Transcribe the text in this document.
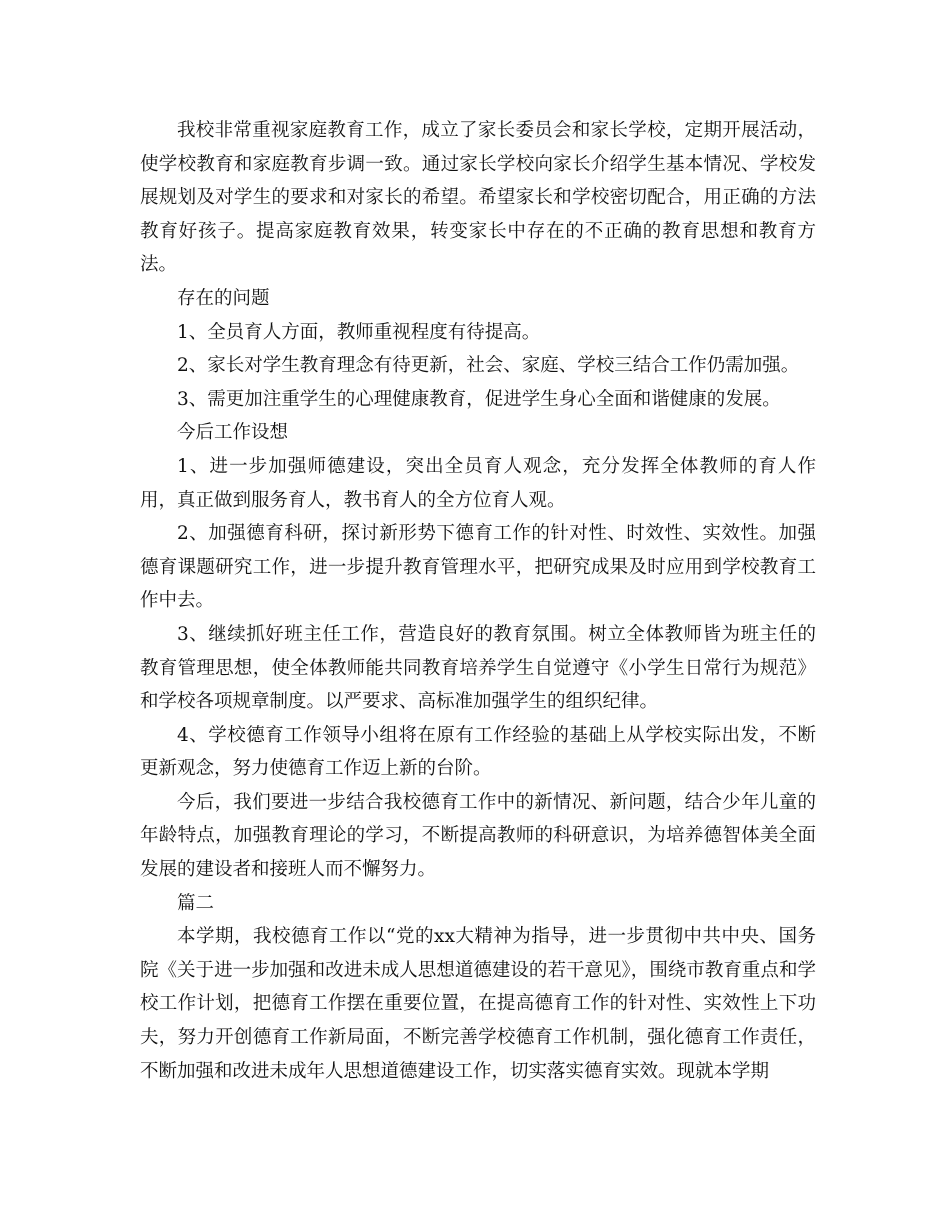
我校非常重视家庭教育工作，成立了家长委员会和家长学校，定期开展活动，使学校教育和家庭教育步调一致。通过家长学校向家长介绍学生基本情况、学校发展规划及对学生的要求和对家长的希望。希望家长和学校密切配合，用正确的方法教育好孩子。提高家庭教育效果，转变家长中存在的不正确的教育思想和教育方法。

存在的问题

1、全员育人方面，教师重视程度有待提高。

2、家长对学生教育理念有待更新，社会、家庭、学校三结合工作仍需加强。

3、需更加注重学生的心理健康教育，促进学生身心全面和谐健康的发展。

今后工作设想

1、进一步加强师德建设，突出全员育人观念，充分发挥全体教师的育人作用，真正做到服务育人，教书育人的全方位育人观。

2、加强德育科研，探讨新形势下德育工作的针对性、时效性、实效性。加强德育课题研究工作，进一步提升教育管理水平，把研究成果及时应用到学校教育工作中去。

3、继续抓好班主任工作，营造良好的教育氛围。树立全体教师皆为班主任的教育管理思想，使全体教师能共同教育培养学生自觉遵守《小学生日常行为规范》和学校各项规章制度。以严要求、高标准加强学生的组织纪律。

4、学校德育工作领导小组将在原有工作经验的基础上从学校实际出发，不断更新观念，努力使德育工作迈上新的台阶。

今后，我们要进一步结合我校德育工作中的新情况、新问题，结合少年儿童的年龄特点，加强教育理论的学习，不断提高教师的科研意识，为培养德智体美全面发展的建设者和接班人而不懈努力。

篇二

本学期，我校德育工作以“党的xx大精神为指导，进一步贯彻中共中央、国务院《关于进一步加强和改进未成人思想道德建设的若干意见》，围绕市教育重点和学校工作计划，把德育工作摆在重要位置，在提高德育工作的针对性、实效性上下功夫，努力开创德育工作新局面，不断完善学校德育工作机制，强化德育工作责任，不断加强和改进未成年人思想道德建设工作，切实落实德育实效。现就本学期
